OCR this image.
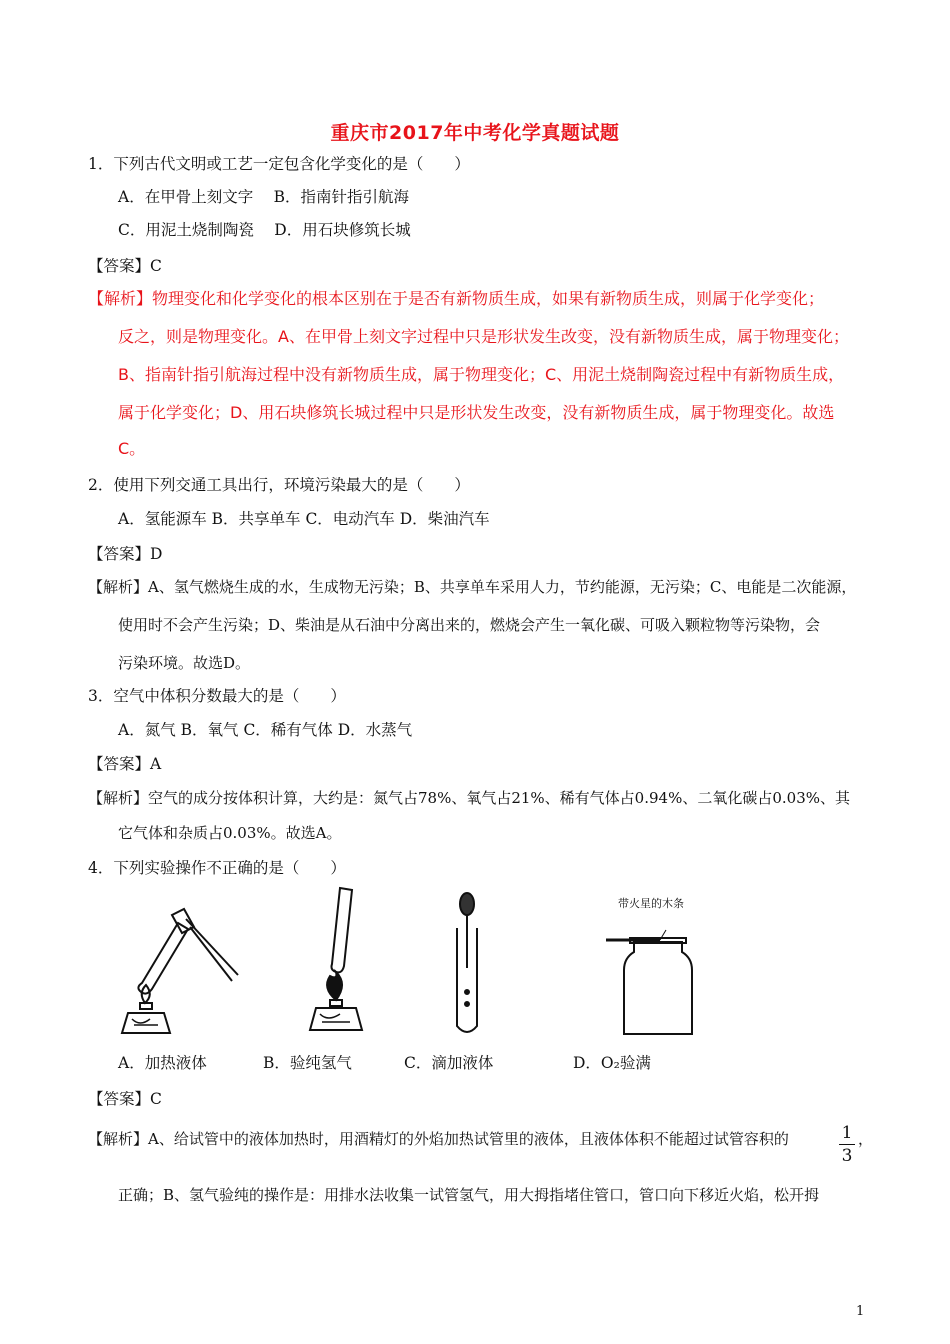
重庆市2017年中考化学真题试题
1．下列古代文明或工艺一定包含化学变化的是（　　）
A．在甲骨上刻文字　 B．指南针指引航海
C．用泥土烧制陶瓷　 D．用石块修筑长城
【答案】C
【解析】物理变化和化学变化的根本区别在于是否有新物质生成，如果有新物质生成，则属于化学变化；
反之，则是物理变化。A、在甲骨上刻文字过程中只是形状发生改变，没有新物质生成，属于物理变化；
B、指南针指引航海过程中没有新物质生成，属于物理变化；C、用泥土烧制陶瓷过程中有新物质生成，
属于化学变化；D、用石块修筑长城过程中只是形状发生改变，没有新物质生成，属于物理变化。故选
C。
2．使用下列交通工具出行，环境污染最大的是（　　）
A．氢能源车 B．共享单车 C．电动汽车 D．柴油汽车
【答案】D
【解析】A、氢气燃烧生成的水，生成物无污染；B、共享单车采用人力，节约能源，无污染；C、电能是二次能源，
使用时不会产生污染；D、柴油是从石油中分离出来的，燃烧会产生一氧化碳、可吸入颗粒物等污染物，会
污染环境。故选D。
3．空气中体积分数最大的是（　　）
A．氮气 B．氧气 C．稀有气体 D．水蒸气
【答案】A
【解析】空气的成分按体积计算，大约是：氮气占78%、氧气占21%、稀有气体占0.94%、二氧化碳占0.03%、其
它气体和杂质占0.03%。故选A。
4．下列实验操作不正确的是（　　）
带火星的木条
A．加热液体	B．验纯氢气	C．滴加液体	D．O₂验满
【答案】C
【解析】A、给试管中的液体加热时，用酒精灯的外焰加热试管里的液体，且液体体积不能超过试管容积的	1
3
，
正确；B、氢气验纯的操作是：用排水法收集一试管氢气，用大拇指堵住管口，管口向下移近火焰，松开拇
1
